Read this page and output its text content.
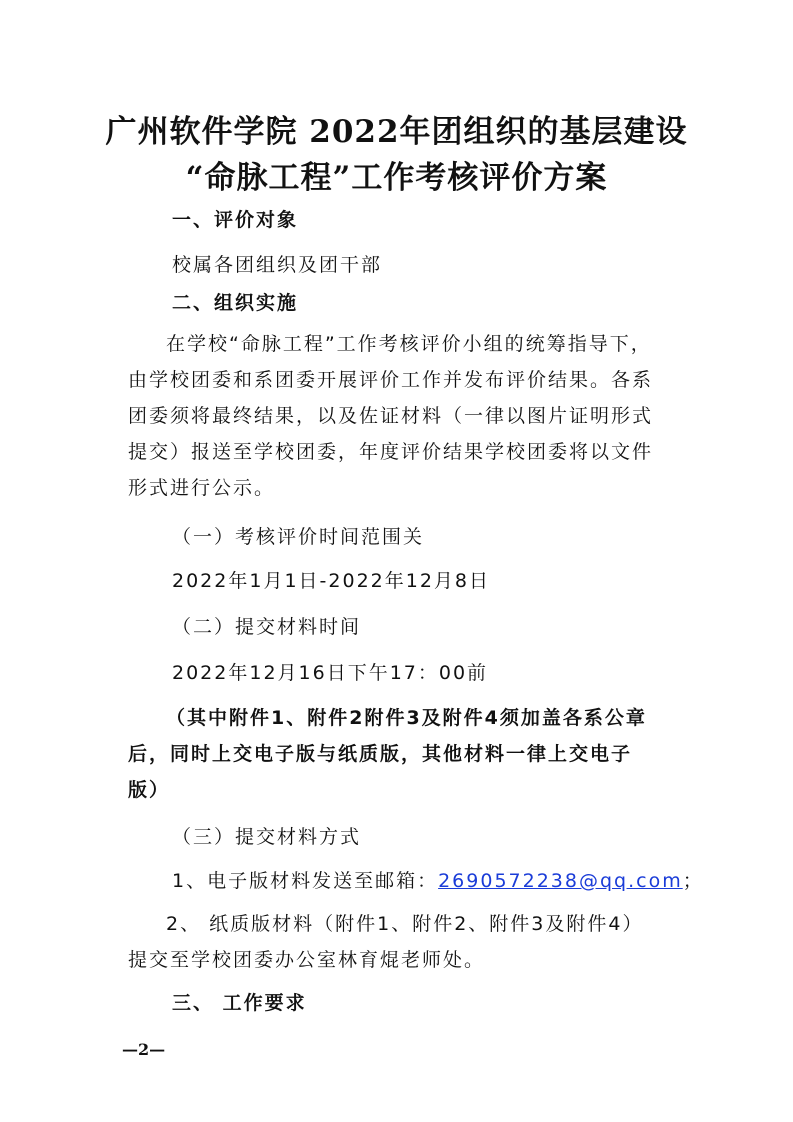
广州软件学院 2022年团组织的基层建设
“命脉工程”工作考核评价方案
一、评价对象
校属各团组织及团干部
二、组织实施
在学校“命脉工程”工作考核评价小组的统筹指导下，由学校团委和系团委开展评价工作并发布评价结果。各系团委须将最终结果，以及佐证材料（一律以图片证明形式提交）报送至学校团委，年度评价结果学校团委将以文件形式进行公示。
（一）考核评价时间范围关
2022年1月1日-2022年12月8日
（二）提交材料时间
2022年12月16日下午17：00前
（其中附件1、附件2附件3及附件4须加盖各系公章后，同时上交电子版与纸质版，其他材料一律上交电子版）
（三）提交材料方式
1、电子版材料发送至邮箱：2690572238@qq.com；
2、 纸质版材料（附件1、附件2、附件3及附件4）提交至学校团委办公室林育焜老师处。
三、 工作要求
—2—
